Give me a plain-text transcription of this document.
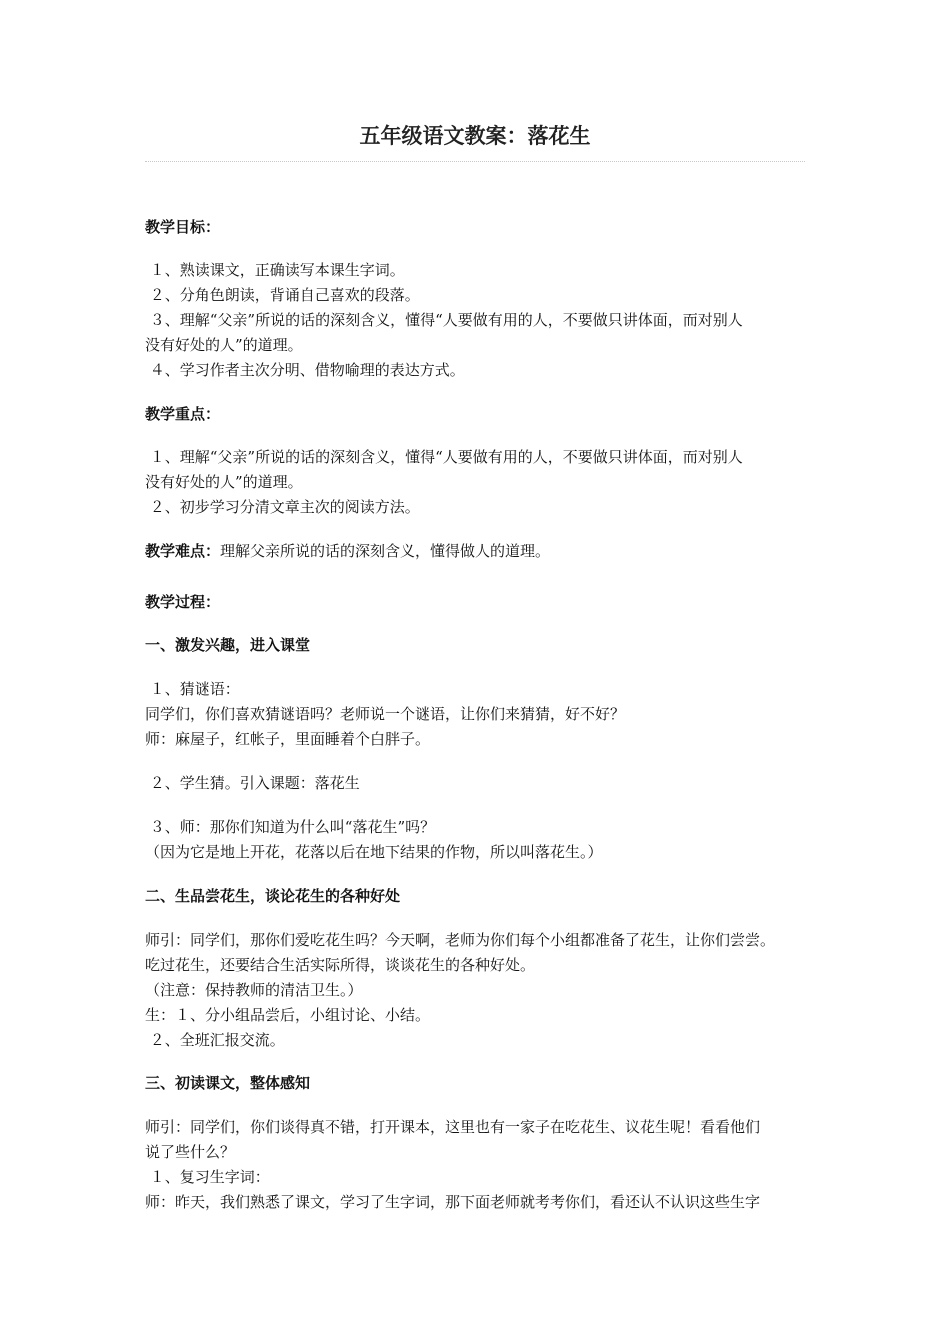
五年级语文教案：落花生
教学目标：
１、熟读课文，正确读写本课生字词。
２、分角色朗读，背诵自己喜欢的段落。
３、理解“父亲”所说的话的深刻含义，懂得“人要做有用的人，不要做只讲体面，而对别人
没有好处的人”的道理。
４、学习作者主次分明、借物喻理的表达方式。
教学重点：
１、理解“父亲”所说的话的深刻含义，懂得“人要做有用的人，不要做只讲体面，而对别人
没有好处的人”的道理。
２、初步学习分清文章主次的阅读方法。
教学难点：理解父亲所说的话的深刻含义，懂得做人的道理。
教学过程：
一、激发兴趣，进入课堂
１、猜谜语：
同学们，你们喜欢猜谜语吗？老师说一个谜语，让你们来猜猜，好不好？
师：麻屋子，红帐子，里面睡着个白胖子。
２、学生猜。引入课题：落花生
３、师：那你们知道为什么叫“落花生”吗？
（因为它是地上开花，花落以后在地下结果的作物，所以叫落花生。）
二、生品尝花生，谈论花生的各种好处
师引：同学们，那你们爱吃花生吗？今天啊，老师为你们每个小组都准备了花生，让你们尝尝。
吃过花生，还要结合生活实际所得，谈谈花生的各种好处。
（注意：保持教师的清洁卫生。）
生：１、分小组品尝后，小组讨论、小结。
２、全班汇报交流。
三、初读课文，整体感知
师引：同学们，你们谈得真不错，打开课本，这里也有一家子在吃花生、议花生呢！看看他们
说了些什么？
１、复习生字词：
师：昨天，我们熟悉了课文，学习了生字词，那下面老师就考考你们，看还认不认识这些生字
